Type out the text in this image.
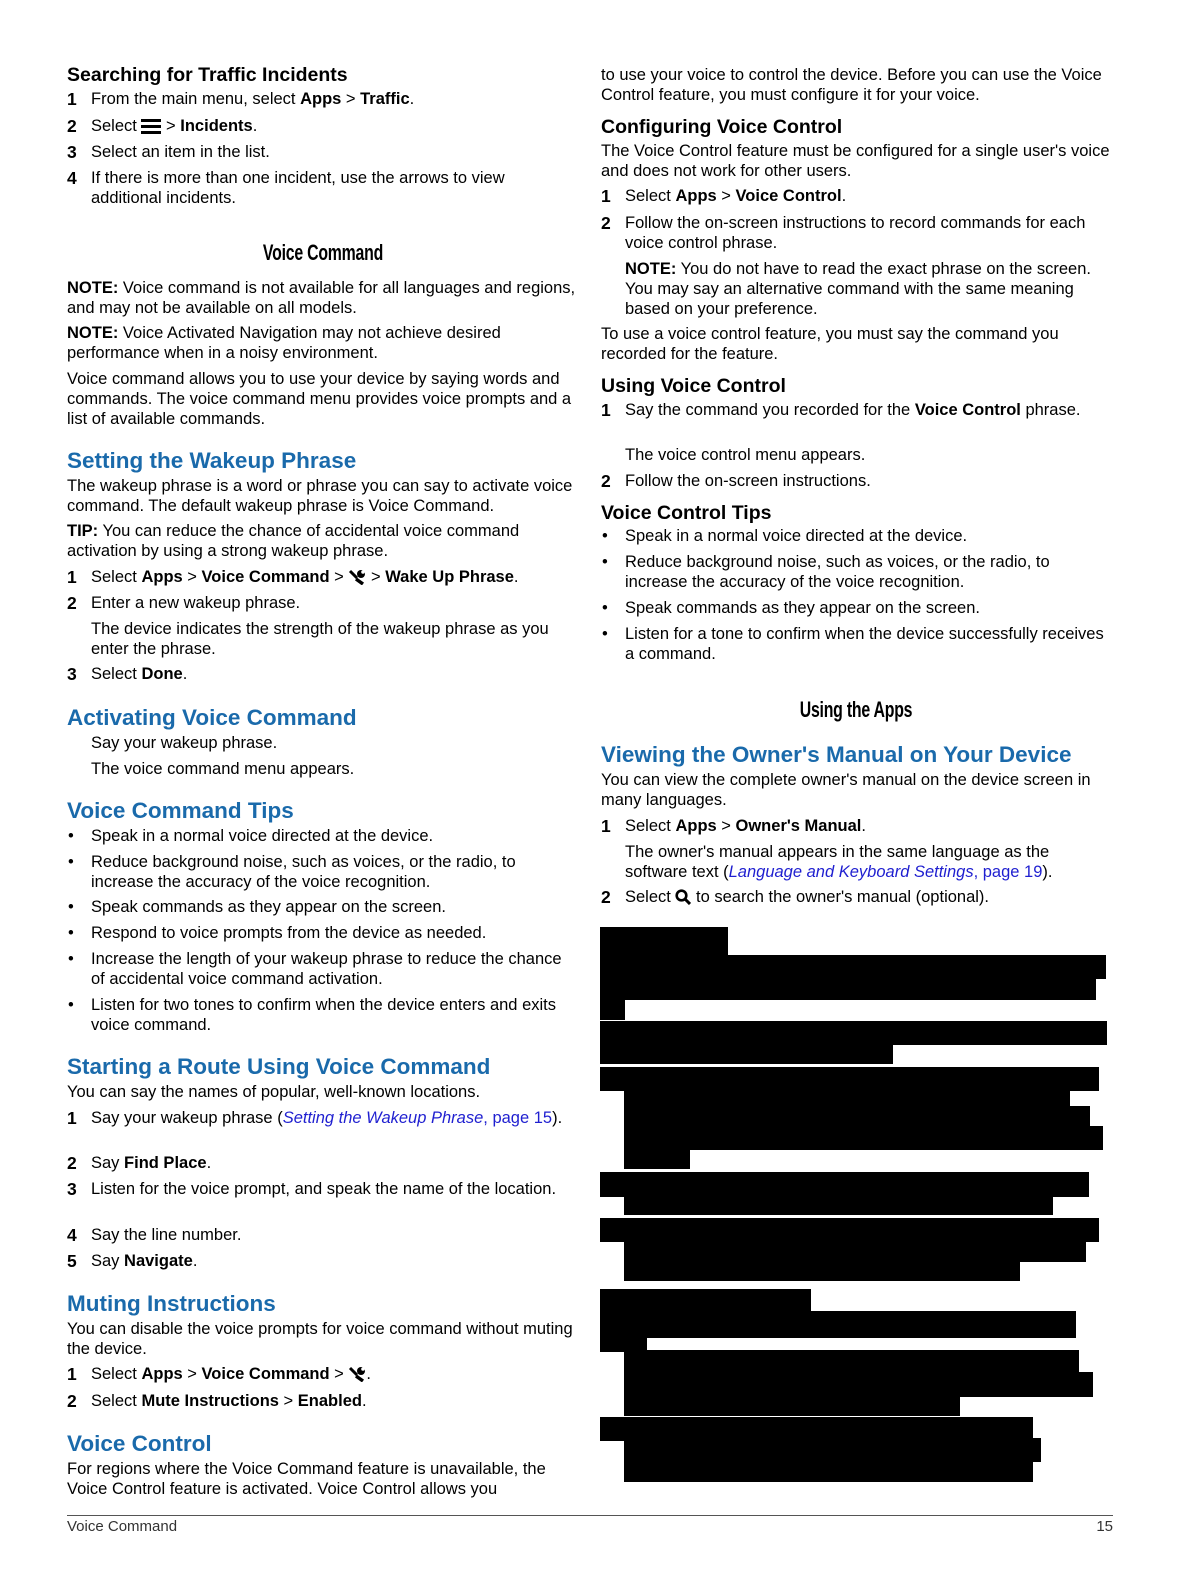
Searching for Traffic Incidents
1 From the main menu, select Apps > Traffic.
2 Select  > Incidents.
3 Select an item in the list.
4 If there is more than one incident, use the arrows to view additional incidents.
Voice Command
NOTE: Voice command is not available for all languages and regions, and may not be available on all models.
NOTE: Voice Activated Navigation may not achieve desired performance when in a noisy environment.
Voice command allows you to use your device by saying words and commands. The voice command menu provides voice prompts and a list of available commands.
Setting the Wakeup Phrase
The wakeup phrase is a word or phrase you can say to activate voice command. The default wakeup phrase is Voice Command.
TIP: You can reduce the chance of accidental voice command activation by using a strong wakeup phrase.
1 Select Apps > Voice Command >  > Wake Up Phrase.
2 Enter a new wakeup phrase.
The device indicates the strength of the wakeup phrase as you enter the phrase.
3 Select Done.
Activating Voice Command
Say your wakeup phrase.
The voice command menu appears.
Voice Command Tips
• Speak in a normal voice directed at the device.
• Reduce background noise, such as voices, or the radio, to increase the accuracy of the voice recognition.
• Speak commands as they appear on the screen.
• Respond to voice prompts from the device as needed.
• Increase the length of your wakeup phrase to reduce the chance of accidental voice command activation.
• Listen for two tones to confirm when the device enters and exits voice command.
Starting a Route Using Voice Command
You can say the names of popular, well-known locations.
1 Say your wakeup phrase (Setting the Wakeup Phrase, page 15).
2 Say Find Place.
3 Listen for the voice prompt, and speak the name of the location.
4 Say the line number.
5 Say Navigate.
Muting Instructions
You can disable the voice prompts for voice command without muting the device.
1 Select Apps > Voice Command > .
2 Select Mute Instructions > Enabled.
Voice Control
For regions where the Voice Command feature is unavailable, the Voice Control feature is activated. Voice Control allows you
to use your voice to control the device. Before you can use the Voice Control feature, you must configure it for your voice.
Configuring Voice Control
The Voice Control feature must be configured for a single user's voice and does not work for other users.
1 Select Apps > Voice Control.
2 Follow the on-screen instructions to record commands for each voice control phrase.
NOTE: You do not have to read the exact phrase on the screen. You may say an alternative command with the same meaning based on your preference.
To use a voice control feature, you must say the command you recorded for the feature.
Using Voice Control
1 Say the command you recorded for the Voice Control phrase.
The voice control menu appears.
2 Follow the on-screen instructions.
Voice Control Tips
• Speak in a normal voice directed at the device.
• Reduce background noise, such as voices, or the radio, to increase the accuracy of the voice recognition.
• Speak commands as they appear on the screen.
• Listen for a tone to confirm when the device successfully receives a command.
Using the Apps
Viewing the Owner's Manual on Your Device
You can view the complete owner's manual on the device screen in many languages.
1 Select Apps > Owner's Manual.
The owner's manual appears in the same language as the software text (Language and Keyboard Settings, page 19).
2 Select  to search the owner's manual (optional).
Voice Command	15
